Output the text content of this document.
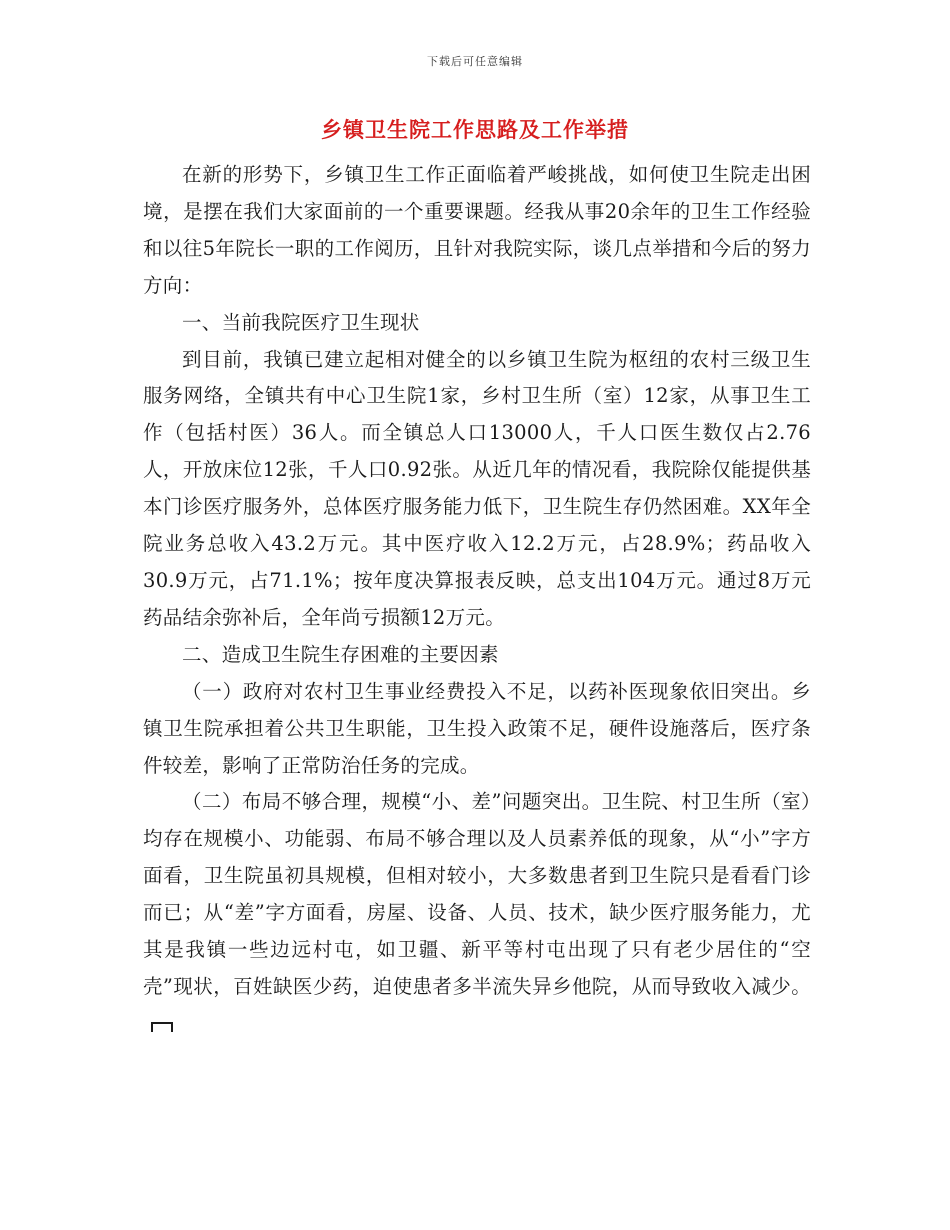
下载后可任意编辑
乡镇卫生院工作思路及工作举措

在新的形势下，乡镇卫生工作正面临着严峻挑战，如何使卫生院走出困境，是摆在我们大家面前的一个重要课题。经我从事20余年的卫生工作经验和以往5年院长一职的工作阅历，且针对我院实际，谈几点举措和今后的努力方向：

一、当前我院医疗卫生现状

到目前，我镇已建立起相对健全的以乡镇卫生院为枢纽的农村三级卫生服务网络，全镇共有中心卫生院1家，乡村卫生所（室）12家，从事卫生工作（包括村医）36人。而全镇总人口13000人，千人口医生数仅占2.76人，开放床位12张，千人口0.92张。从近几年的情况看，我院除仅能提供基本门诊医疗服务外，总体医疗服务能力低下，卫生院生存仍然困难。XX年全院业务总收入43.2万元。其中医疗收入12.2万元，占28.9%；药品收入30.9万元，占71.1%；按年度决算报表反映，总支出104万元。通过8万元药品结余弥补后，全年尚亏损额12万元。

二、造成卫生院生存困难的主要因素

（一）政府对农村卫生事业经费投入不足，以药补医现象依旧突出。乡镇卫生院承担着公共卫生职能，卫生投入政策不足，硬件设施落后，医疗条件较差，影响了正常防治任务的完成。

（二）布局不够合理，规模“小、差”问题突出。卫生院、村卫生所（室）均存在规模小、功能弱、布局不够合理以及人员素养低的现象，从“小”字方面看，卫生院虽初具规模，但相对较小，大多数患者到卫生院只是看看门诊而已；从“差”字方面看，房屋、设备、人员、技术，缺少医疗服务能力，尤其是我镇一些边远村屯，如卫疆、新平等村屯出现了只有老少居住的“空壳”现状，百姓缺医少药，迫使患者多半流失异乡他院，从而导致收入减少。
